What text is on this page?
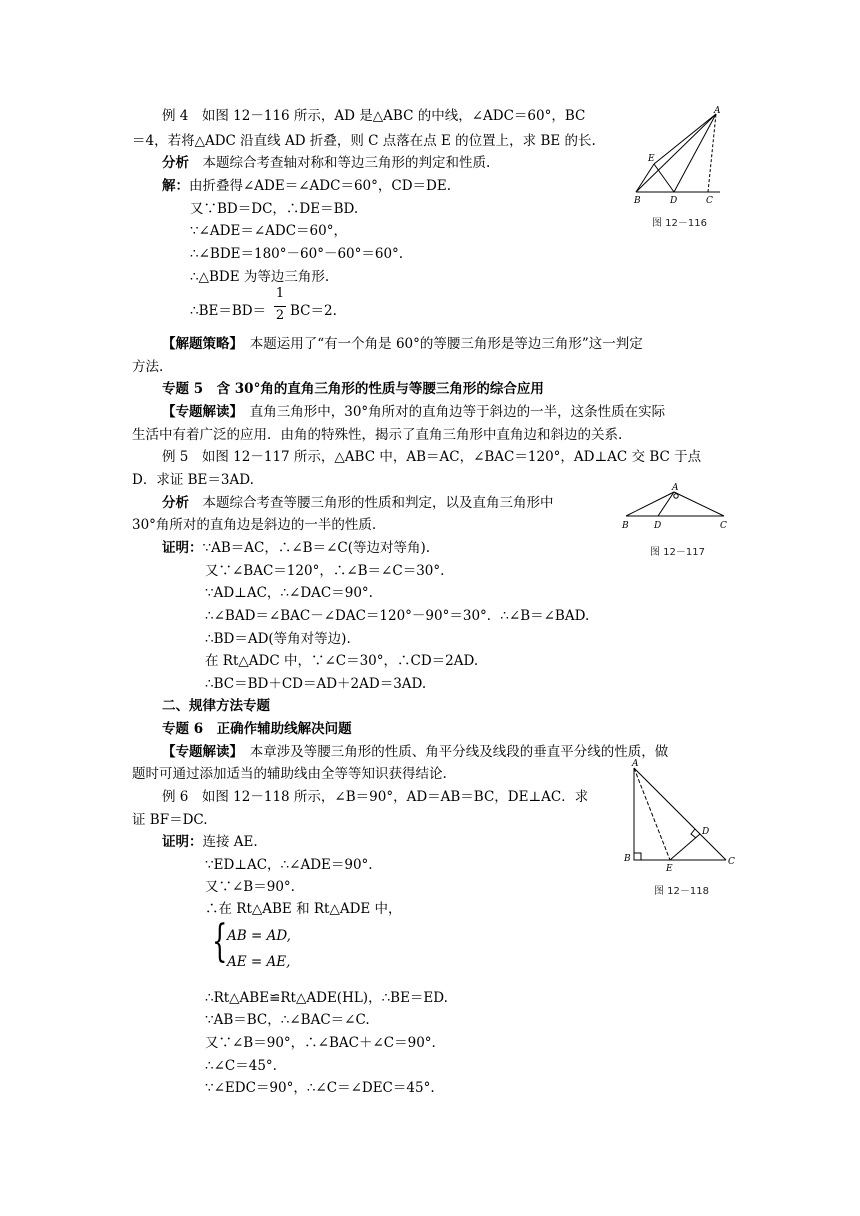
例 4　如图 12－116 所示，AD 是△ABC 的中线，∠ADC＝60°，BC
＝4，若将△ADC 沿直线 AD 折叠，则 C 点落在点 E 的位置上，求 BE 的长.
分析　 本题综合考查轴对称和等边三角形的判定和性质.
解：由折叠得∠ADE＝∠ADC＝60°，CD＝DE.
又∵BD＝DC，∴DE＝BD.
∵∠ADE＝∠ADC＝60°，
∴∠BDE＝180°－60°－60°＝60°.
∴△BDE 为等边三角形.
∴BE＝BD＝
1
2 BC＝2.
【解题策略】　 本题运用了“有一个角是 60°的等腰三角形是等边三角形”这一判定
方法.
A
E
B	D	C
图 12－116
专题 5　含 30°角的直角三角形的性质与等腰三角形的综合应用
【专题解读】　 直角三角形中，30°角所对的直角边等于斜边的一半，这条性质在实际
生活中有着广泛的应用．由角的特殊性，揭示了直角三角形中直角边和斜边的关系.
例 5　如图 12－117 所示，△ABC 中，AB＝AC，∠BAC＝120°，AD⊥AC 交 BC 于点
D．求证 BE＝3AD.
分析　 本题综合考查等腰三角形的性质和判定，以及直角三角形中
30°角所对的直角边是斜边的一半的性质.
证明：∵AB＝AC，∴∠B＝∠C(等边对等角).
又∵∠BAC＝120°，∴∠B＝∠C＝30°.
∵AD⊥AC，∴∠DAC＝90°.
∴∠BAD＝∠BAC－∠DAC＝120°－90°＝30°．∴∠B＝∠BAD.
∴BD＝AD(等角对等边).
在 Rt△ADC 中，∵∠C＝30°，∴CD＝2AD.
∴BC＝BD＋CD＝AD＋2AD＝3AD.
A
B	D	C
图 12－117
二、规律方法专题
专题 6　正确作辅助线解决问题
【专题解读】　 本章涉及等腰三角形的性质、角平分线及线段的垂直平分线的性质，做
题时可通过添加适当的辅助线由全等等知识获得结论.
例 6　如图 12－118 所示，∠B＝90°，AD＝AB＝BC，DE⊥AC．求
证 BF＝DC.
证明：连接 AE.
∵ED⊥AC，∴∠ADE＝90°.
又∵∠B＝90°.
∴在 Rt△ABE 和 Rt△ADE 中，
{ AB = AD,
AE = AE,
∴Rt△ABE≌Rt△ADE(HL)，∴BE＝ED.
∵AB＝BC，∴∠BAC＝∠C.
又∵∠B＝90°，∴∠BAC＋∠C＝90°.
∴∠C＝45°.
∵∠EDC＝90°，∴∠C＝∠DEC＝45°.
A
D
B
E
C
图 12－118
